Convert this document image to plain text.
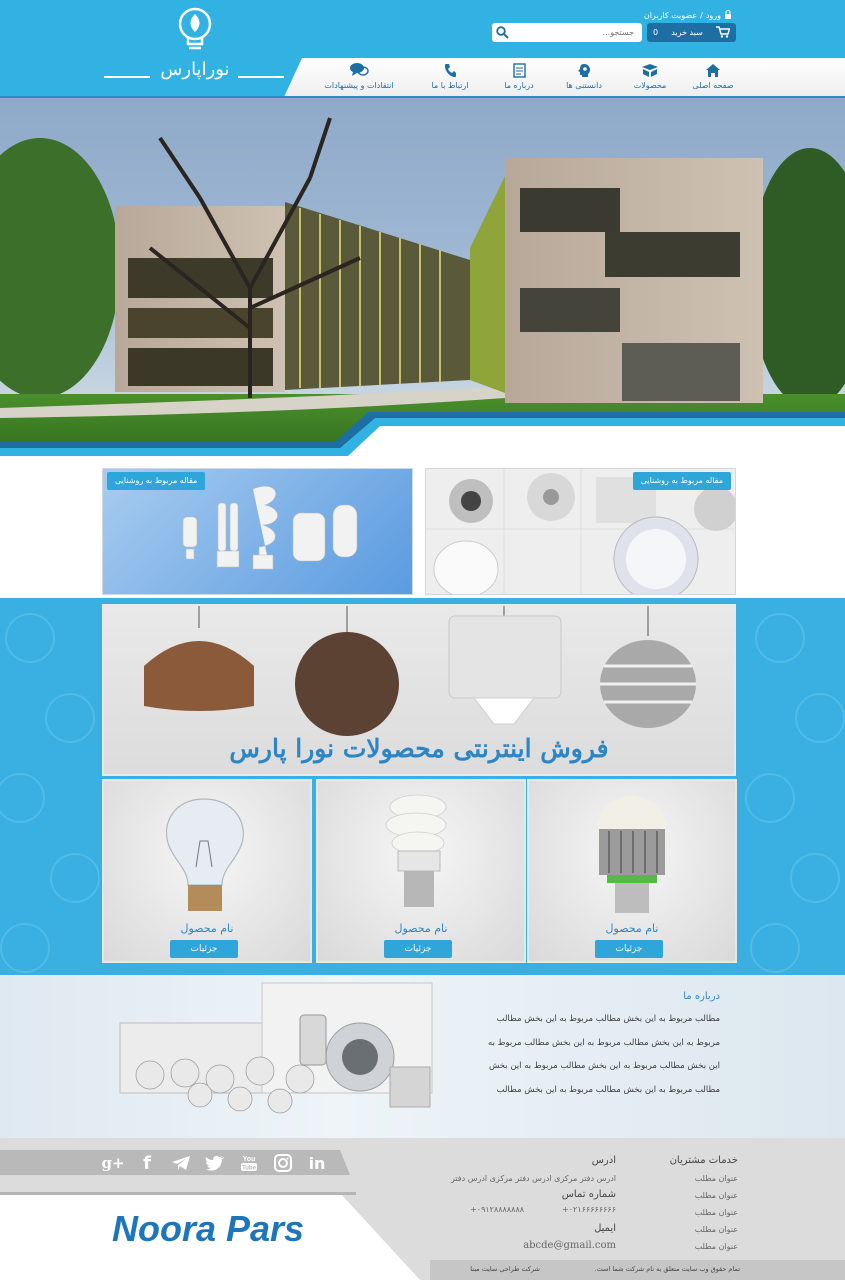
نوراپارس
عضویت کاربران / ورود
جستجو...
0 سبد خرید
صفحه اصلی
محصولات
دانستنی ها
درباره ما
ارتباط با ما
انتقادات و پیشنهادات
مقاله مربوط به روشنایی	مقاله مربوط به روشنایی
فروش اینترنتی محصولات نورا پارس
نام محصول
جزئیات
نام محصول
جزئیات
نام محصول
جزئیات
درباره ما
مطالب مربوط به این بخش مطالب مربوط به این بخش مطالب
مربوط به این بخش مطالب مربوط به این بخش مطالب مربوط به
این بخش مطالب مربوط به این بخش مطالب مربوط به این بخش
مطالب مربوط به این بخش مطالب مربوط به این بخش مطالب
g+	f	You
Tube	in
Noora Pars
خدمات مشتریان
عنوان مطلب
عنوان مطلب
عنوان مطلب
عنوان مطلب
عنوان مطلب
ادرس
ادرس دفتر مرکزی ادرس دفتر مرکزی ادرس دفتر
شماره تماس
+۰۹۱۲۸۸۸۸۸۸۸	+۰۲۱۶۶۶۶۶۶۶۶
ایمیل
abcde@gmail.com
تمام حقوق وب سایت متعلق به نام شرکت شما است.
شرکت طراحی سایت مبنا
